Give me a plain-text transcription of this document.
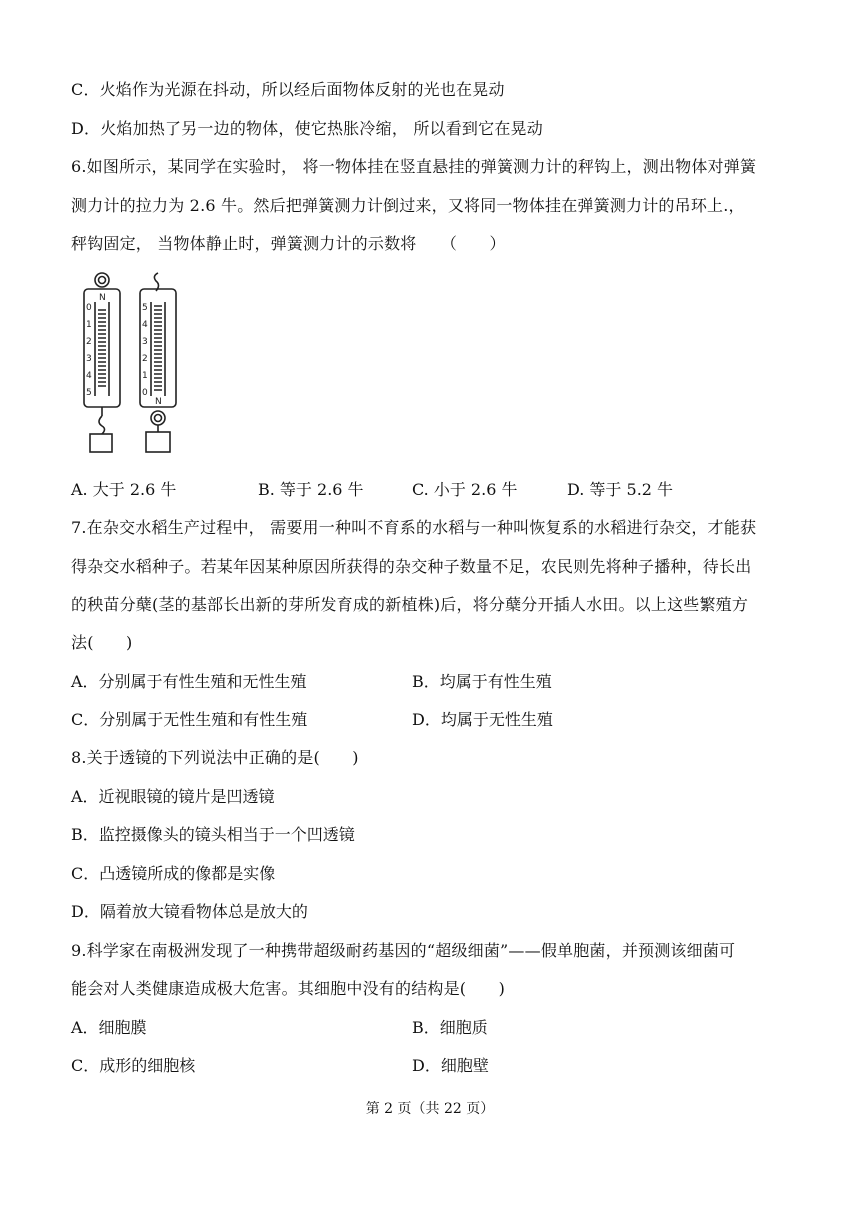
C．火焰作为光源在抖动，所以经后面物体反射的光也在晃动
D．火焰加热了另一边的物体，使它热胀冷缩， 所以看到它在晃动
6.如图所示，某同学在实验时， 将一物体挂在竖直悬挂的弹簧测力计的秤钩上，测出物体对弹簧
测力计的拉力为 2.6 牛。然后把弹簧测力计倒过来，又将同一物体挂在弹簧测力计的吊环上.，
秤钩固定， 当物体静止时，弹簧测力计的示数将　　（　　）
N
0
1
2
3
4
5
N
0
1
2
3
4
5
A. 大于 2.6 牛	B. 等于 2.6 牛	C. 小于 2.6 牛	D. 等于 5.2 牛
7.在杂交水稻生产过程中， 需要用一种叫不育系的水稻与一种叫恢复系的水稻进行杂交，才能获
得杂交水稻种子。若某年因某种原因所获得的杂交种子数量不足，农民则先将种子播种，待长出
的秧苗分蘖(茎的基部长出新的芽所发育成的新植株)后，将分蘖分开插人水田。以上这些繁殖方
法(　　)
A．分别属于有性生殖和无性生殖	B．均属于有性生殖
C．分别属于无性生殖和有性生殖	D．均属于无性生殖
8.关于透镜的下列说法中正确的是(　　)
A．近视眼镜的镜片是凹透镜
B．监控摄像头的镜头相当于一个凹透镜
C．凸透镜所成的像都是实像
D．隔着放大镜看物体总是放大的
9.科学家在南极洲发现了一种携带超级耐药基因的“超级细菌”——假单胞菌，并预测该细菌可
能会对人类健康造成极大危害。其细胞中没有的结构是(　　)
A．细胞膜	B．细胞质
C．成形的细胞核	D．细胞壁
第 2 页（共 22 页）
